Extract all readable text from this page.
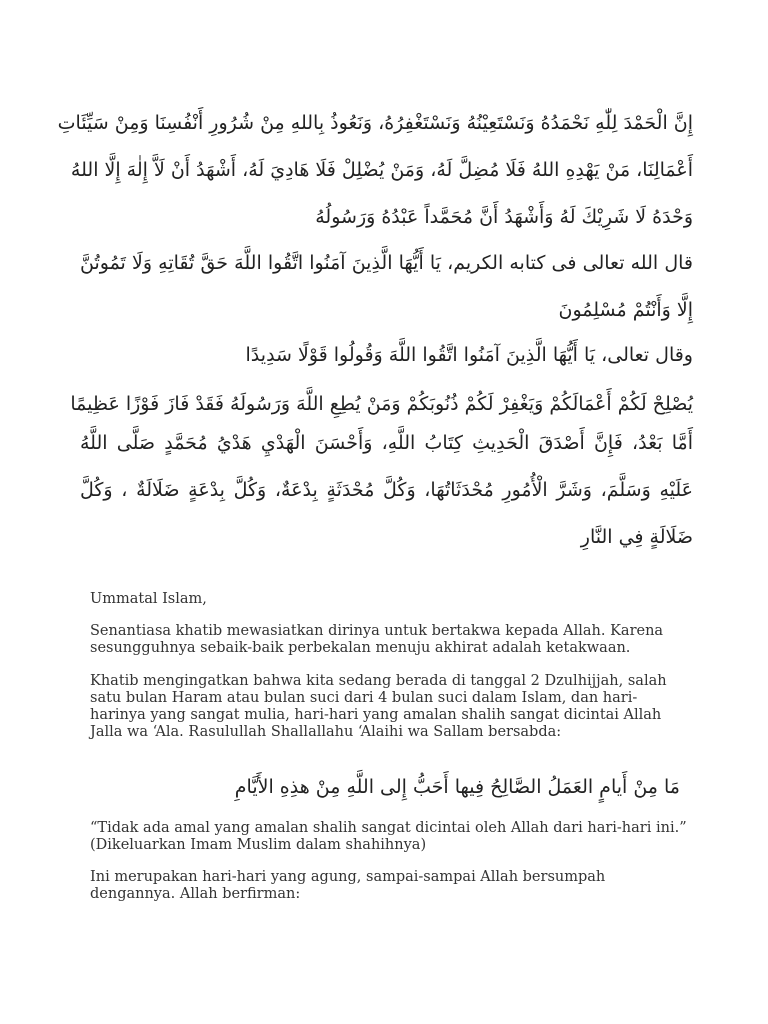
إِنَّ الْحَمْدَ لِلّٰهِ نَحْمَدُهُ وَنَسْتَعِيْنُهُ وَنَسْتَغْفِرُهُ، وَنَعُوذُ بِاللهِ مِنْ شُرُورِ أَنْفُسِنَا وَمِنْ سَيِّئَاتِ
أَعْمَالِنَا، مَنْ يَهْدِهِ اللهُ فَلَا مُضِلَّ لَهُ، وَمَنْ يُضْلِلْ فَلَا هَادِيَ لَهُ، أَشْهَدُ أَنْ لَاَّ إِلٰهَ إِلَّا اللهُ
وَحْدَهُ لَا شَرِيْكَ لَهُ وَأَشْهَدُ أَنَّ مُحَمَّداً عَبْدُهُ وَرَسُولُهُ
قال الله تعالى فى كتابه الكريم، يَا أَيُّهَا الَّذِينَ آمَنُوا اتَّقُوا اللَّهَ حَقَّ تُقَاتِهِ وَلَا تَمُوتُنَّ إِلَّا وَأَنْتُمْ مُسْلِمُونَ
وقال تعالى، يَا أَيُّهَا الَّذِينَ آمَنُوا اتَّقُوا اللَّهَ وَقُولُوا قَوْلًا سَدِيدًا
يُصْلِحْ لَكُمْ أَعْمَالَكُمْ وَيَغْفِرْ لَكُمْ ذُنُوبَكُمْ وَمَنْ يُطِعِ اللَّهَ وَرَسُولَهُ فَقَدْ فَازَ فَوْزًا عَظِيمًا
أَمَّا بَعْدُ، فَإِنَّ أَصْدَقَ الْحَدِيثِ كِتَابُ اللَّهِ، وَأَحْسَنَ الْهَدْيِ هَدْيُ مُحَمَّدٍ صَلَّى اللَّهُ عَلَيْهِ وَسَلَّمَ، وَشَرَّ الْأُمُورِ مُحْدَثَاتُهَا، وَكُلَّ مُحْدَثَةٍ بِدْعَةٌ، وَكُلَّ بِدْعَةٍ ضَلَالَةٌ ، وَكُلَّ ضَلَالَةٍ فِي النَّارِ
Ummatal Islam,
Senantiasa khatib mewasiatkan dirinya untuk bertakwa kepada Allah. Karena sesungguhnya sebaik-baik perbekalan menuju akhirat adalah ketakwaan.
Khatib mengingatkan bahwa kita sedang berada di tanggal 2 Dzulhijjah, salah satu bulan Haram atau bulan suci dari 4 bulan suci dalam Islam, dan hari-harinya yang sangat mulia, hari-hari yang amalan shalih sangat dicintai Allah Jalla wa ‘Ala. Rasulullah Shallallahu ‘Alaihi wa Sallam bersabda:
مَا مِنْ أَيامٍ العَمَلُ الصَّالِحُ فِيها أَحَبُّ إِلى اللَّهِ مِنْ هذِهِ الأَيَّامِ
“Tidak ada amal yang amalan shalih sangat dicintai oleh Allah dari hari-hari ini.” (Dikeluarkan Imam Muslim dalam shahihnya)
Ini merupakan hari-hari yang agung, sampai-sampai Allah bersumpah dengannya. Allah berfirman:
